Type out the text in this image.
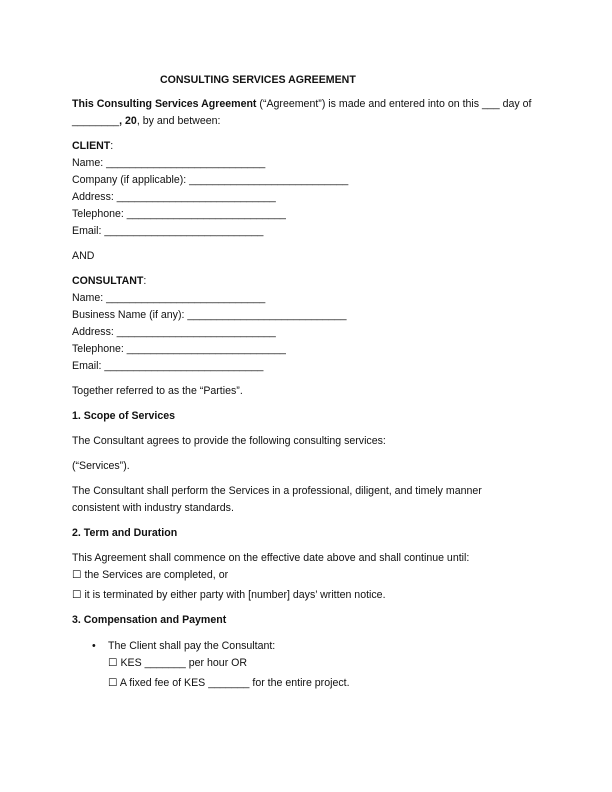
CONSULTING SERVICES AGREEMENT
This Consulting Services Agreement (“Agreement”) is made and entered into on this ___ day of
________, 20, by and between:
CLIENT:
Name: ___________________________
Company (if applicable): ___________________________
Address: ___________________________
Telephone: ___________________________
Email: ___________________________
AND
CONSULTANT:
Name: ___________________________
Business Name (if any): ___________________________
Address: ___________________________
Telephone: ___________________________
Email: ___________________________
Together referred to as the “Parties”.
1. Scope of Services
The Consultant agrees to provide the following consulting services:
(“Services”).
The Consultant shall perform the Services in a professional, diligent, and timely manner
consistent with industry standards.
2. Term and Duration
This Agreement shall commence on the effective date above and shall continue until:
☐ the Services are completed, or
☐ it is terminated by either party with [number] days’ written notice.
3. Compensation and Payment
• The Client shall pay the Consultant:
☐ KES _______ per hour OR
☐ A fixed fee of KES _______ for the entire project.
